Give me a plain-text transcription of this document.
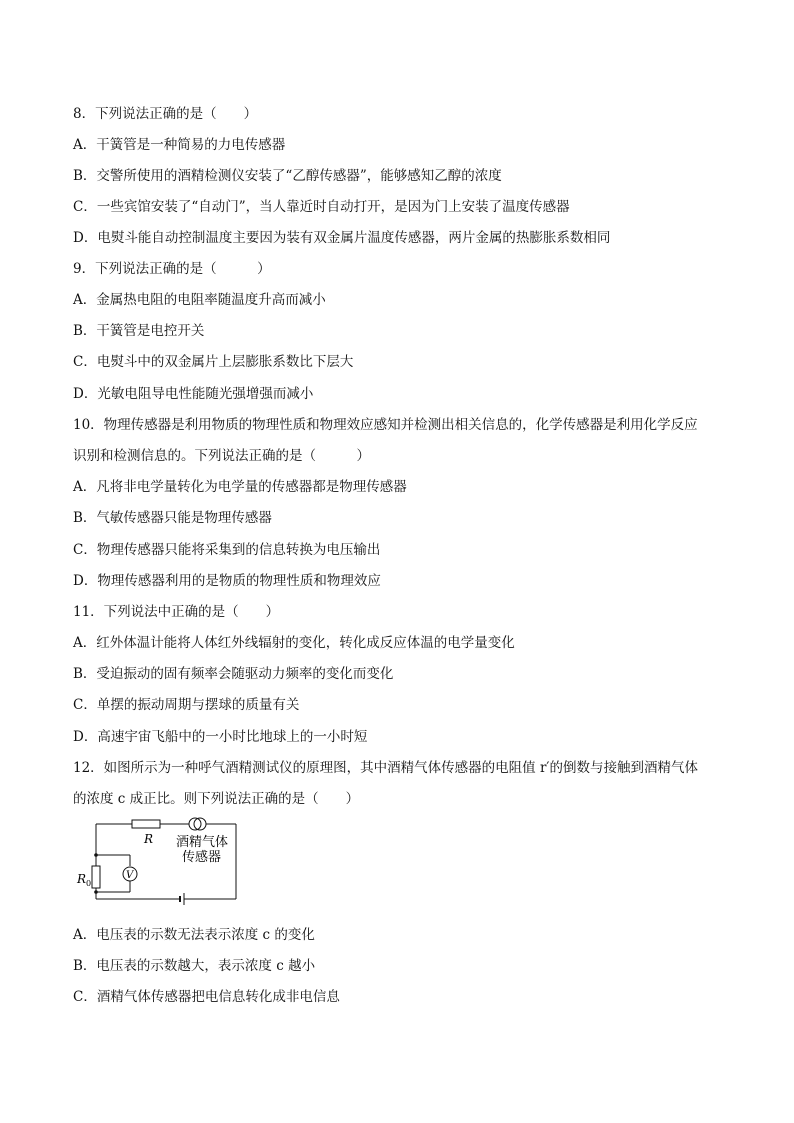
8．下列说法正确的是（　　）
A．干簧管是一种简易的力电传感器
B．交警所使用的酒精检测仪安装了“乙醇传感器”，能够感知乙醇的浓度
C．一些宾馆安装了“自动门”，当人靠近时自动打开，是因为门上安装了温度传感器
D．电熨斗能自动控制温度主要因为装有双金属片温度传感器，两片金属的热膨胀系数相同
9．下列说法正确的是（　　　）
A．金属热电阻的电阻率随温度升高而减小
B．干簧管是电控开关
C．电熨斗中的双金属片上层膨胀系数比下层大
D．光敏电阻导电性能随光强增强而减小
10．物理传感器是利用物质的物理性质和物理效应感知并检测出相关信息的，化学传感器是利用化学反应
识别和检测信息的。下列说法正确的是（　　　）
A．凡将非电学量转化为电学量的传感器都是物理传感器
B．气敏传感器只能是物理传感器
C．物理传感器只能将采集到的信息转换为电压输出
D．物理传感器利用的是物质的物理性质和物理效应
11．下列说法中正确的是（　　）
A．红外体温计能将人体红外线辐射的变化，转化成反应体温的电学量变化
B．受迫振动的固有频率会随驱动力频率的变化而变化
C．单摆的振动周期与摆球的质量有关
D．高速宇宙飞船中的一小时比地球上的一小时短
12．如图所示为一种呼气酒精测试仪的原理图，其中酒精气体传感器的电阻值 r′的倒数与接触到酒精气体
的浓度 c 成正比。则下列说法正确的是（　　）
R 酒精气体
传感器
$R_0$
V
A．电压表的示数无法表示浓度 c 的变化
B．电压表的示数越大，表示浓度 c 越小
C．酒精气体传感器把电信息转化成非电信息
